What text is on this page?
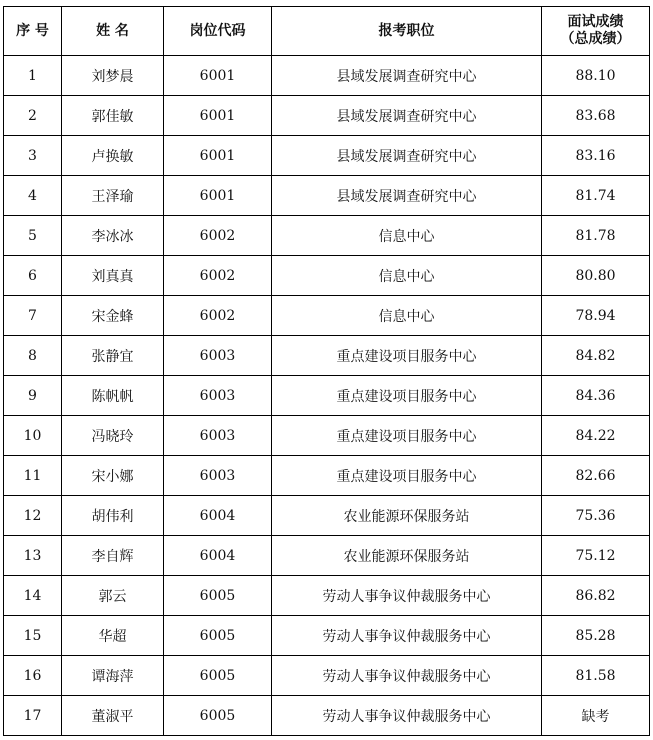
序 号	姓 名	岗位代码	报考职位	面试成绩
（总成绩）

1	刘梦晨	6001	县域发展调查研究中心	88.10
2	郭佳敏	6001	县域发展调查研究中心	83.68
3	卢换敏	6001	县域发展调查研究中心	83.16
4	王泽瑜	6001	县域发展调查研究中心	81.74
5	李冰冰	6002	信息中心	81.78
6	刘真真	6002	信息中心	80.80
7	宋金蜂	6002	信息中心	78.94
8	张静宜	6003	重点建设项目服务中心	84.82
9	陈帆帆	6003	重点建设项目服务中心	84.36
10	冯晓玲	6003	重点建设项目服务中心	84.22
11	宋小娜	6003	重点建设项目服务中心	82.66
12	胡伟利	6004	农业能源环保服务站	75.36
13	李自辉	6004	农业能源环保服务站	75.12
14	郭云	6005	劳动人事争议仲裁服务中心	86.82
15	华超	6005	劳动人事争议仲裁服务中心	85.28
16	谭海萍	6005	劳动人事争议仲裁服务中心	81.58
17	董淑平	6005	劳动人事争议仲裁服务中心	缺考
